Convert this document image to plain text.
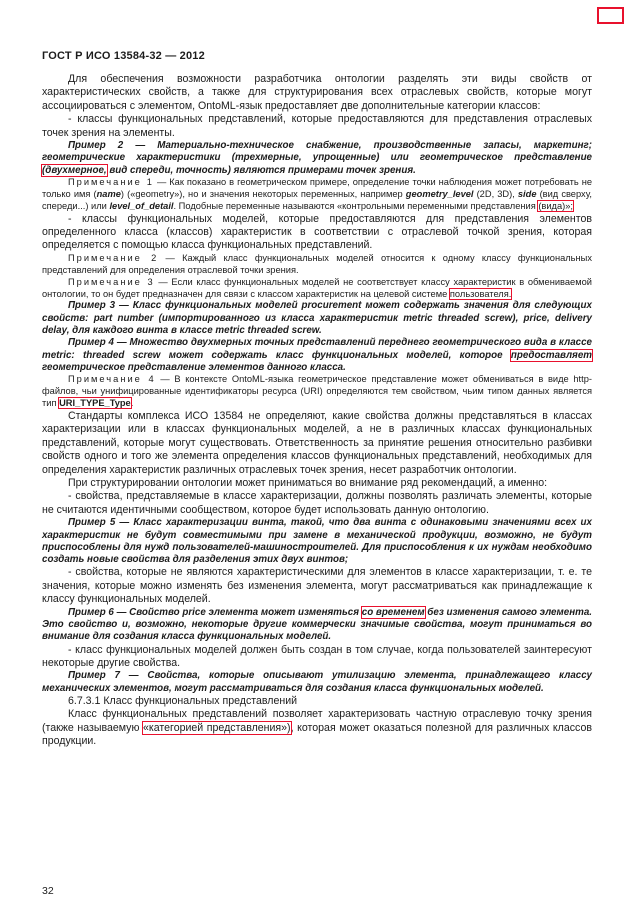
ГОСТ Р ИСО 13584-32 — 2012

Для обеспечения возможности разработчика онтологии разделять эти виды свойств от характеристических свойств, а также для структурирования всех отраслевых свойств, которые могут ассоциироваться с элементом, OntoML-язык предоставляет две дополнительные категории классов:

- классы функциональных представлений, которые предоставляются для представления отраслевых точек зрения на элементы.

Пример 2 — Материально-техническое снабжение, производственные запасы, маркетинг; геометрические характеристики (трехмерные, упрощенные) или геометрическое представление (двухмерное, вид спереди, точность) являются примерами точек зрения.

Примечание 1 — Как показано в геометрическом примере, определение точки наблюдения может потребовать не только имя (name) («geometry»), но и значения некоторых переменных, например geometry_level (2D, 3D), side (вид сверху, спереди...) или level_of_detail. Подобные переменные называются «контрольными переменными представления (вида)»;

- классы функциональных моделей, которые предоставляются для представления элементов определенного класса (классов) характеристик в соответствии с отраслевой точкой зрения, которая определяется с помощью класса функциональных представлений.

Примечание 2 — Каждый класс функциональных моделей относится к одному классу функциональных представлений для определения отраслевой точки зрения.

Примечание 3 — Если класс функциональных моделей не соответствует классу характеристик в обмениваемой онтологии, то он будет предназначен для связи с классом характеристик на целевой системе пользователя.

Пример 3 — Класс функциональных моделей procurement может содержать значения для следующих свойств: part number (импортированного из класса характеристик metric threaded screw), price, delivery delay, для каждого винта в классе metric threaded screw.

Пример 4 — Множество двухмерных точных представлений переднего геометрического вида в классе metric: threaded screw может содержать класс функциональных моделей, которое предоставляет геометрическое представление элементов данного класса.

Примечание 4 — В контексте OntoML-языка геометрическое представление может обмениваться в виде http-файлов, чьи унифицированные идентификаторы ресурса (URI) определяются тем свойством, чьим типом данных является тип URI_TYPE_Type.

Стандарты комплекса ИСО 13584 не определяют, какие свойства должны представляться в классах характеризации или в классах функциональных моделей, а не в различных классах функциональных представлений, которые могут существовать. Ответственность за принятие решения относительно разбивки свойств одного и того же элемента определения классов функциональных представлений, необходимых для определения характеристик различных отраслевых точек зрения, несет разработчик онтологии.

При структурировании онтологии может приниматься во внимание ряд рекомендаций, а именно:

- свойства, представляемые в классе характеризации, должны позволять различать элементы, которые не считаются идентичными сообществом, которое будет использовать данную онтологию.

Пример 5 — Класс характеризации винта, такой, что два винта с одинаковыми значениями всех их характеристик не будут совместимыми при замене в механической продукции, возможно, не будут приспособлены для нужд пользователей-машиностроителей. Для приспособления к их нуждам необходимо создать новые свойства для разделения этих двух винтов;

- свойства, которые не являются характеристическими для элементов в классе характеризации, т. е. те значения, которые можно изменять без изменения элемента, могут рассматриваться как принадлежащие к классу функциональных моделей.

Пример 6 — Свойство price элемента может изменяться со временем без изменения самого элемента. Это свойство и, возможно, некоторые другие коммерчески значимые свойства, могут приниматься во внимание для создания класса функциональных моделей.

- класс функциональных моделей должен быть создан в том случае, когда пользователей заинтересуют некоторые другие свойства.

Пример 7 — Свойства, которые описывают утилизацию элемента, принадлежащего классу механических элементов, могут рассматриваться для создания класса функциональных моделей.

6.7.3.1 Класс функциональных представлений

Класс функциональных представлений позволяет характеризовать частную отраслевую точку зрения (также называемую «категорией представления»), которая может оказаться полезной для различных классов продукции.

32
